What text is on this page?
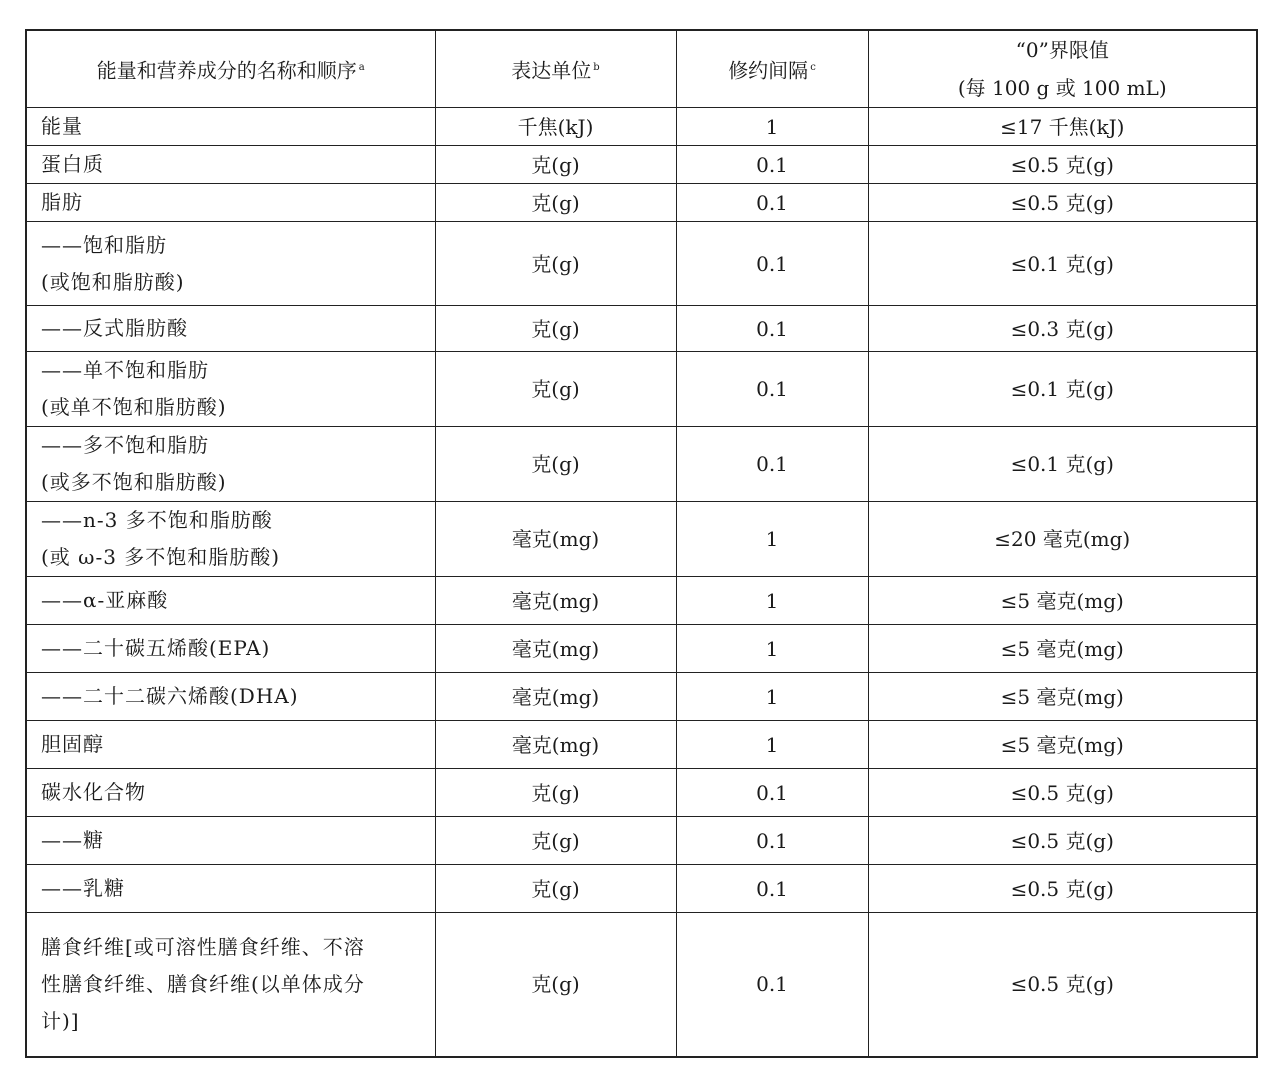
能量和营养成分的名称和顺序 $^a$	表达单位 $^b$	修约间隔 $^c$	“0”界限值
(每 100 g 或 100 mL)

能量	千焦(kJ)	1	≤17 千焦(kJ)

蛋白质	克(g)	0.1	≤0.5 克(g)

脂肪	克(g)	0.1	≤0.5 克(g)

——饱和脂肪
(或饱和脂肪酸)	克(g)	0.1	≤0.1 克(g)

——反式脂肪酸	克(g)	0.1	≤0.3 克(g)

——单不饱和脂肪
(或单不饱和脂肪酸)	克(g)	0.1	≤0.1 克(g)

——多不饱和脂肪
(或多不饱和脂肪酸)	克(g)	0.1	≤0.1 克(g)

——n-3 多不饱和脂肪酸
(或 ω-3 多不饱和脂肪酸)	毫克(mg)	1	≤20 毫克(mg)

——α-亚麻酸	毫克(mg)	1	≤5 毫克(mg)

——二十碳五烯酸(EPA)	毫克(mg)	1	≤5 毫克(mg)

——二十二碳六烯酸(DHA)	毫克(mg)	1	≤5 毫克(mg)

胆固醇	毫克(mg)	1	≤5 毫克(mg)

碳水化合物	克(g)	0.1	≤0.5 克(g)

——糖	克(g)	0.1	≤0.5 克(g)

——乳糖	克(g)	0.1	≤0.5 克(g)

膳食纤维[或可溶性膳食纤维、不溶
性膳食纤维、膳食纤维(以单体成分
计)]	克(g)	0.1	≤0.5 克(g)
